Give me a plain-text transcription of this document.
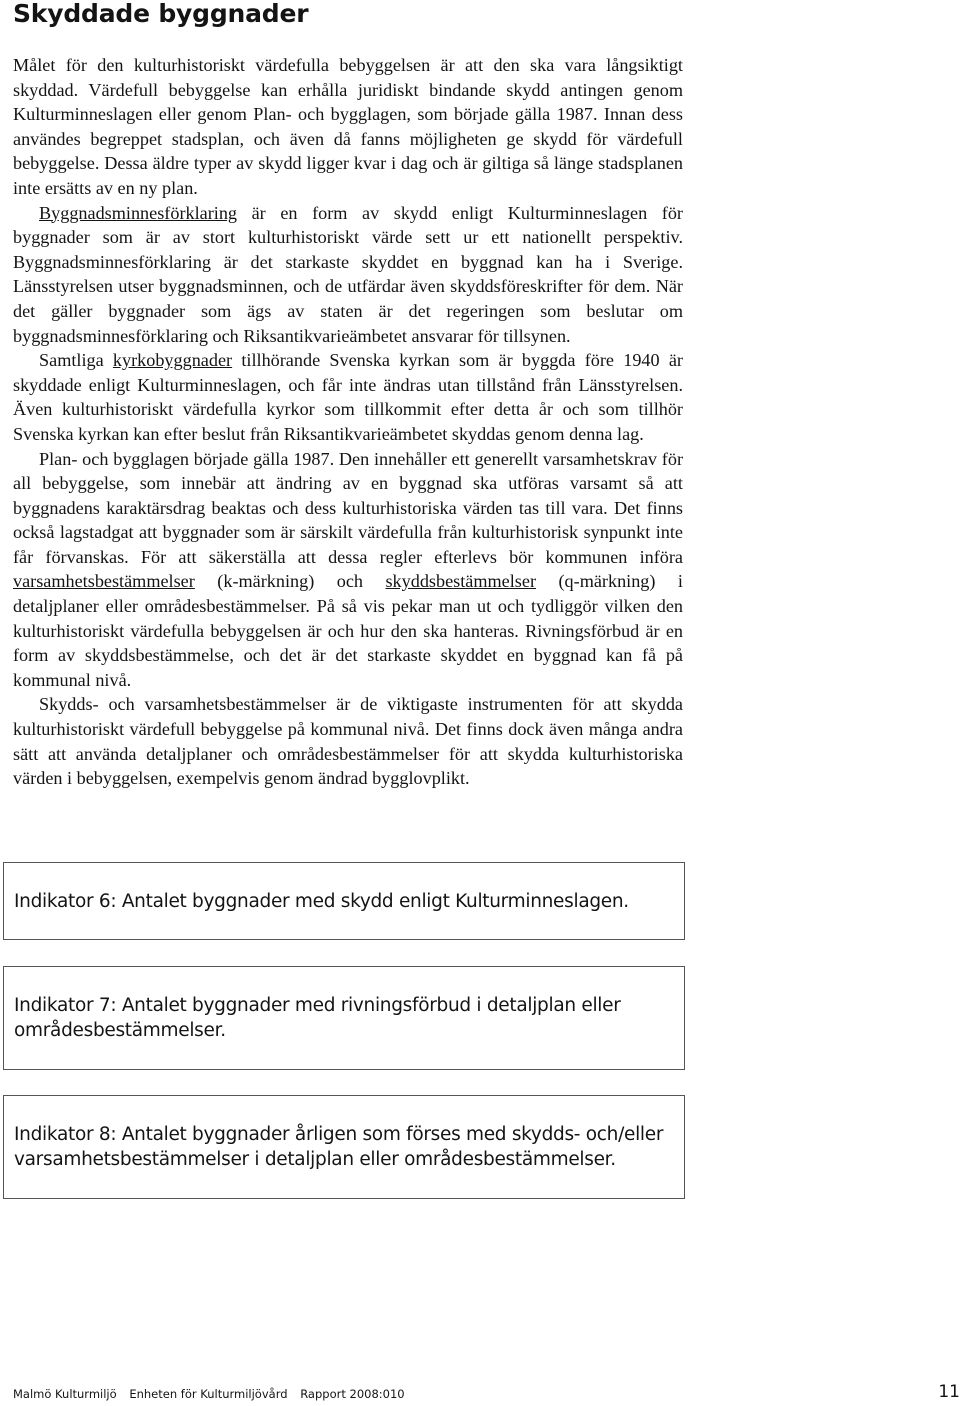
Skyddade byggnader

Målet för den kulturhistoriskt värdefulla bebyggelsen är att den ska vara långsiktigt skyddad. Värdefull bebyggelse kan erhålla juridiskt bindande skydd antingen genom Kulturminneslagen eller genom Plan- och bygglagen, som började gälla 1987. Innan dess användes begreppet stadsplan, och även då fanns möjligheten ge skydd för värdefull bebyggelse. Dessa äldre typer av skydd ligger kvar i dag och är giltiga så länge stadsplanen inte ersätts av en ny plan.

Byggnadsminnesförklaring är en form av skydd enligt Kulturminneslagen för byggnader som är av stort kulturhistoriskt värde sett ur ett nationellt perspektiv. Byggnadsminnesförklaring är det starkaste skyddet en byggnad kan ha i Sverige. Länsstyrelsen utser byggnadsminnen, och de utfärdar även skyddsföreskrifter för dem. När det gäller byggnader som ägs av staten är det regeringen som beslutar om byggnadsminnesförklaring och Riksantikvarieämbetet ansvarar för tillsynen.

Samtliga kyrkobyggnader tillhörande Svenska kyrkan som är byggda före 1940 är skyddade enligt Kulturminneslagen, och får inte ändras utan tillstånd från Länsstyrelsen. Även kulturhistoriskt värdefulla kyrkor som tillkommit efter detta år och som tillhör Svenska kyrkan kan efter beslut från Riksantikvarieämbetet skyddas genom denna lag.

Plan- och bygglagen började gälla 1987. Den innehåller ett generellt varsamhetskrav för all bebyggelse, som innebär att ändring av en byggnad ska utföras varsamt så att byggnadens karaktärsdrag beaktas och dess kulturhistoriska värden tas till vara. Det finns också lagstadgat att byggnader som är särskilt värdefulla från kulturhistorisk synpunkt inte får förvanskas. För att säkerställa att dessa regler efterlevs bör kommunen införa varsamhetsbestämmelser (k-märkning) och skyddsbestämmelser (q-märkning) i detaljplaner eller områdesbestämmelser. På så vis pekar man ut och tydliggör vilken den kulturhistoriskt värdefulla bebyggelsen är och hur den ska hanteras. Rivningsförbud är en form av skyddsbestämmelse, och det är det starkaste skyddet en byggnad kan få på kommunal nivå.

Skydds- och varsamhetsbestämmelser är de viktigaste instrumenten för att skydda kulturhistoriskt värdefull bebyggelse på kommunal nivå. Det finns dock även många andra sätt att använda detaljplaner och områdesbestämmelser för att skydda kulturhistoriska värden i bebyggelsen, exempelvis genom ändrad bygglovplikt.

Indikator 6: Antalet byggnader med skydd enligt Kulturminneslagen.
Indikator 7: Antalet byggnader med rivningsförbud i detaljplan eller områdesbestämmelser.
Indikator 8: Antalet byggnader årligen som förses med skydds- och/eller varsamhetsbestämmelser i detaljplan eller områdesbestämmelser.
Malmö Kulturmiljö Enheten för Kulturmiljövård Rapport 2008:010	11
